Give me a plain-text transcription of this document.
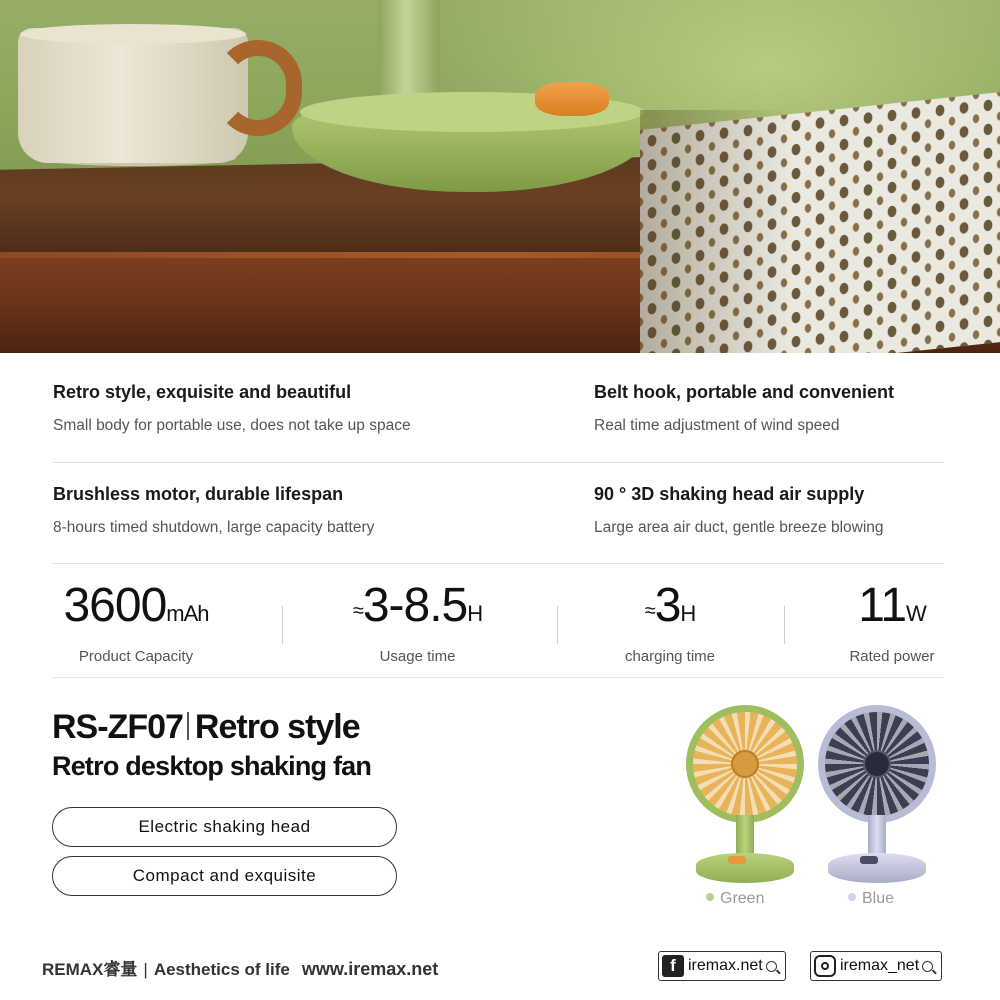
Retro style, exquisite and beautiful
Small body for portable use, does not take up space
Belt hook, portable and convenient
Real time adjustment of wind speed
Brushless motor, durable lifespan
8-hours timed shutdown, large capacity battery
90 ° 3D shaking head air supply
Large area air duct, gentle breeze blowing
3600mAh
Product Capacity
≈3-8.5H
Usage time
≈3H
charging time
11W
Rated power
RS-ZF07 Retro style
Retro desktop shaking fan
Electric shaking head
Compact and exquisite
Green	Blue
REMAX睿量 | Aesthetics of life www.iremax.net	f iremax.net	iremax_net
